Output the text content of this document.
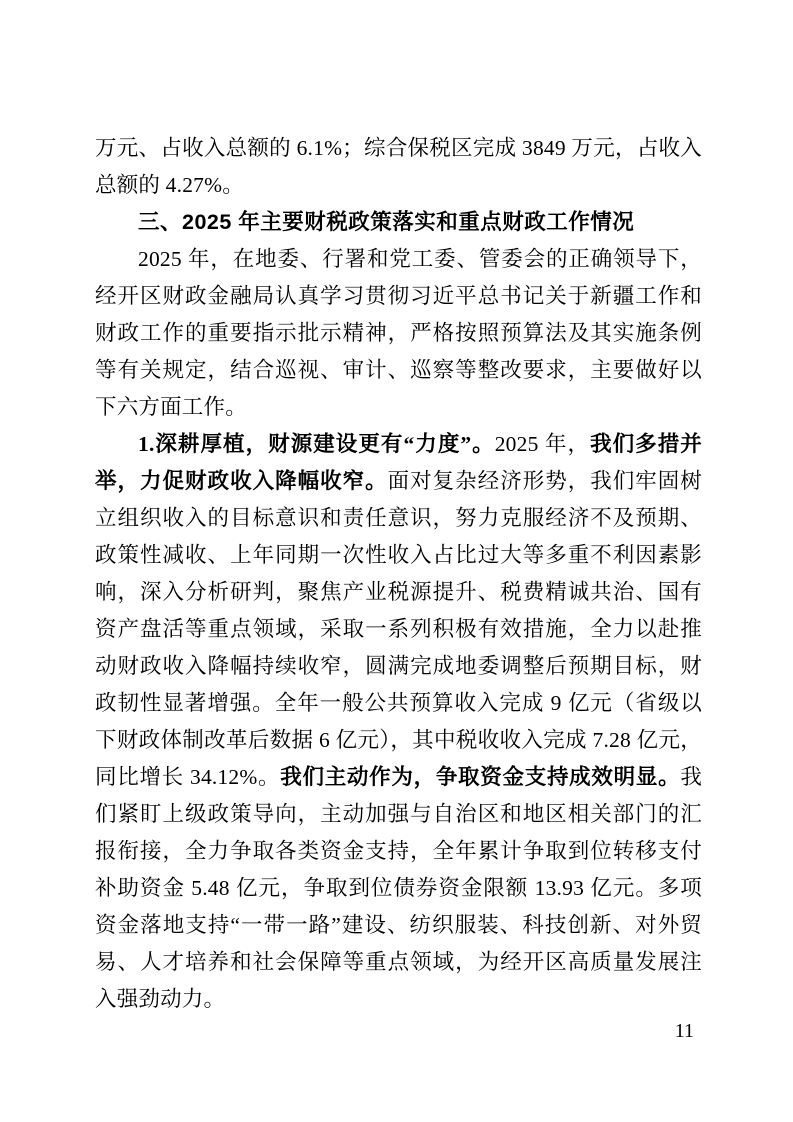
万元、占收入总额的 6.1%；综合保税区完成 3849 万元，占收入总额的 4.27%。

三、2025 年主要财税政策落实和重点财政工作情况

2025 年，在地委、行署和党工委、管委会的正确领导下，经开区财政金融局认真学习贯彻习近平总书记关于新疆工作和财政工作的重要指示批示精神，严格按照预算法及其实施条例等有关规定，结合巡视、审计、巡察等整改要求，主要做好以下六方面工作。

1.深耕厚植，财源建设更有“力度”。2025 年，我们多措并举，力促财政收入降幅收窄。面对复杂经济形势，我们牢固树立组织收入的目标意识和责任意识，努力克服经济不及预期、政策性减收、上年同期一次性收入占比过大等多重不利因素影响，深入分析研判，聚焦产业税源提升、税费精诚共治、国有资产盘活等重点领域，采取一系列积极有效措施，全力以赴推动财政收入降幅持续收窄，圆满完成地委调整后预期目标，财政韧性显著增强。全年一般公共预算收入完成 9 亿元（省级以下财政体制改革后数据 6 亿元），其中税收收入完成 7.28 亿元，同比增长 34.12%。我们主动作为，争取资金支持成效明显。我们紧盯上级政策导向，主动加强与自治区和地区相关部门的汇报衔接，全力争取各类资金支持，全年累计争取到位转移支付补助资金 5.48 亿元，争取到位债券资金限额 13.93 亿元。多项资金落地支持“一带一路”建设、纺织服装、科技创新、对外贸易、人才培养和社会保障等重点领域，为经开区高质量发展注入强劲动力。

11
